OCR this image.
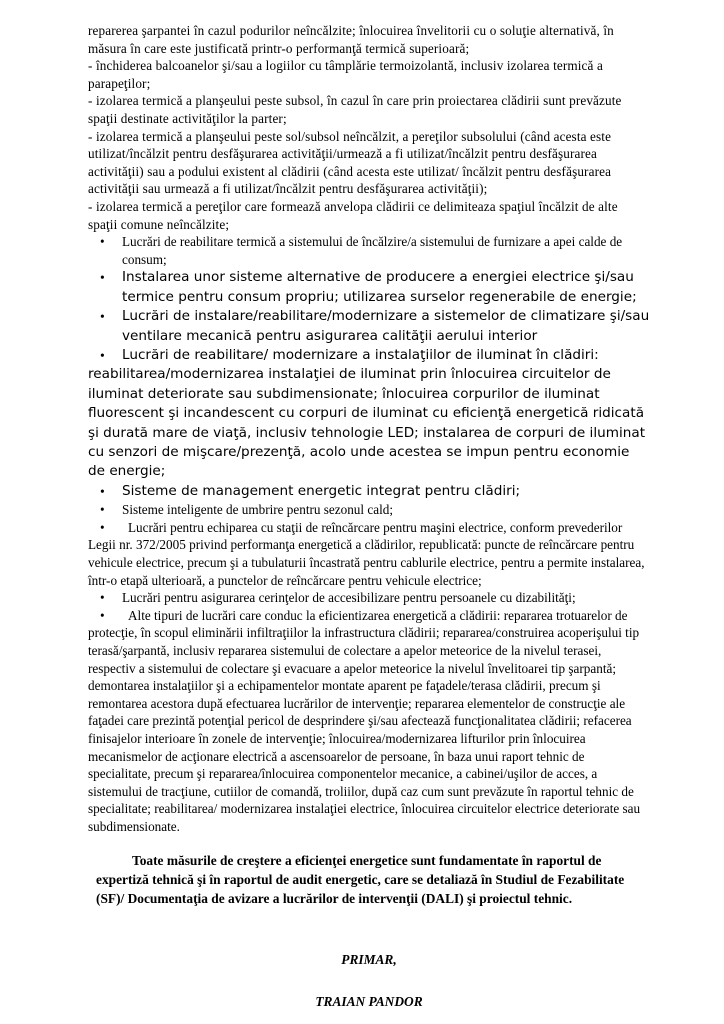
reparerea şarpantei în cazul podurilor neîncălzite; înlocuirea învelitorii cu o soluţie alternativă, în măsura în care este justificată printr-o performanţă termică superioară;

- închiderea balcoanelor şi/sau a logiilor cu tâmplărie termoizolantă, inclusiv izolarea termică a parapeţilor;

- izolarea termică a planşeului peste subsol, în cazul în care prin proiectarea clădirii sunt prevăzute spaţii destinate activităţilor la parter;

- izolarea termică a planşeului peste sol/subsol neîncălzit, a pereţilor subsolului (când acesta este utilizat/încălzit pentru desfăşurarea activităţii/urmează a fi utilizat/încălzit pentru desfăşurarea activităţii) sau a podului existent al clădirii (când acesta este utilizat/ încălzit pentru desfăşurarea activităţii sau urmează a fi utilizat/încălzit pentru desfăşurarea activităţii);

- izolarea termică a pereţilor care formează anvelopa clădirii ce delimiteaza spaţiul încălzit de alte spaţii comune neîncălzite;

• Lucrări de reabilitare termică a sistemului de încălzire/a sistemului de furnizare a apei calde de consum;
• Instalarea unor sisteme alternative de producere a energiei electrice şi/sau termice pentru consum propriu; utilizarea surselor regenerabile de energie;
• Lucrări de instalare/reabilitare/modernizare a sistemelor de climatizare şi/sau ventilare mecanică pentru asigurarea calităţii aerului interior
•	Lucrări de reabilitare/ modernizare a instalaţiilor de iluminat în clădiri: reabilitarea/modernizarea instalaţiei de iluminat prin înlocuirea circuitelor de iluminat deteriorate sau subdimensionate; înlocuirea corpurilor de iluminat fluorescent şi incandescent cu corpuri de iluminat cu eficienţă energetică ridicată şi durată mare de viaţă, inclusiv tehnologie LED; instalarea de corpuri de iluminat cu senzori de mişcare/prezenţă, acolo unde acestea se impun pentru economie de energie;
• Sisteme de management energetic integrat pentru clădiri;
• Sisteme inteligente de umbrire pentru sezonul cald;
•	Lucrări pentru echiparea cu staţii de reîncărcare pentru maşini electrice, conform prevederilor Legii nr. 372/2005 privind performanţa energetică a clădirilor, republicată: puncte de reîncărcare pentru vehicule electrice, precum şi a tubulaturii încastrată pentru cablurile electrice, pentru a permite instalarea, într-o etapă ulterioară, a punctelor de reîncărcare pentru vehicule electrice;
• Lucrări pentru asigurarea cerinţelor de accesibilizare pentru persoanele cu dizabilităţi;
•	Alte tipuri de lucrări care conduc la eficientizarea energetică a clădirii: repararea trotuarelor de protecţie, în scopul eliminării infiltraţiilor la infrastructura clădirii; repararea/construirea acoperişului tip terasă/şarpantă, inclusiv repararea sistemului de colectare a apelor meteorice de la nivelul terasei, respectiv a sistemului de colectare şi evacuare a apelor meteorice la nivelul învelitoarei tip şarpantă; demontarea instalaţiilor şi a echipamentelor montate aparent pe faţadele/terasa clădirii, precum şi remontarea acestora după efectuarea lucrărilor de intervenţie; repararea elementelor de construcţie ale faţadei care prezintă potenţial pericol de desprindere şi/sau afectează funcţionalitatea clădirii; refacerea finisajelor interioare în zonele de intervenţie; înlocuirea/modernizarea lifturilor prin înlocuirea mecanismelor de acţionare electrică a ascensoarelor de persoane, în baza unui raport tehnic de specialitate, precum şi repararea/înlocuirea componentelor mecanice, a cabinei/uşilor de acces, a sistemului de tracţiune, cutiilor de comandă, troliilor, după caz cum sunt prevăzute în raportul tehnic de specialitate; reabilitarea/ modernizarea instalaţiei electrice, înlocuirea circuitelor electrice deteriorate sau subdimensionate.

Toate măsurile de creştere a eficienţei energetice sunt fundamentate în raportul de expertiză tehnică şi în raportul de audit energetic, care se detaliază în Studiul de Fezabilitate (SF)/ Documentaţia de avizare a lucrărilor de intervenţii (DALI) şi proiectul tehnic.

PRIMAR,

TRAIAN PANDOR
